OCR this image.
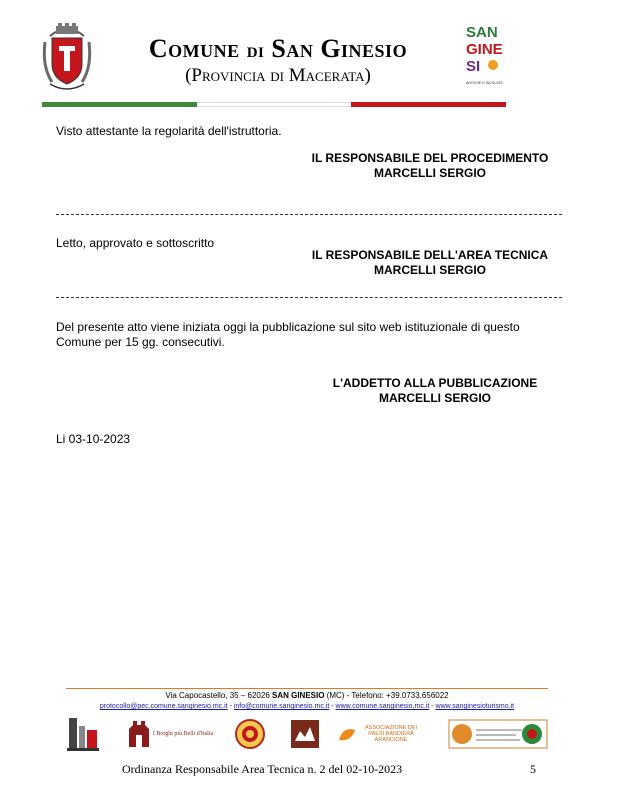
Comune di San Ginesio
(Provincia di Macerata)
SAN
GINE
SI
ANTICHE E INCOLATE
Visto attestante la regolarità dell'istruttoria.
IL RESPONSABILE DEL PROCEDIMENTO
MARCELLI SERGIO
Letto, approvato e sottoscritto
IL RESPONSABILE DELL'AREA TECNICA
MARCELLI SERGIO
Del presente atto viene iniziata oggi la pubblicazione sul sito web istituzionale di questo
Comune per 15 gg. consecutivi.
L'ADDETTO ALLA PUBBLICAZIONE
MARCELLI SERGIO
Li 03-10-2023
Via Capocastello, 35 – 62026 SAN GINESIO (MC) - Telefono: +39.0733.656022
protocollo@pec.comune.sanginesio.mc.it - info@comune.sanginesio.mc.it - www.comune.sanginesio.mc.it - www.sanginesioturismo.it
I Borghi più Belli d'Italia
ASSOCIAZIONE DEI PAESI BANDIERA ARANCIONE
Ordinanza Responsabile Area Tecnica n. 2 del 02-10-2023	5
